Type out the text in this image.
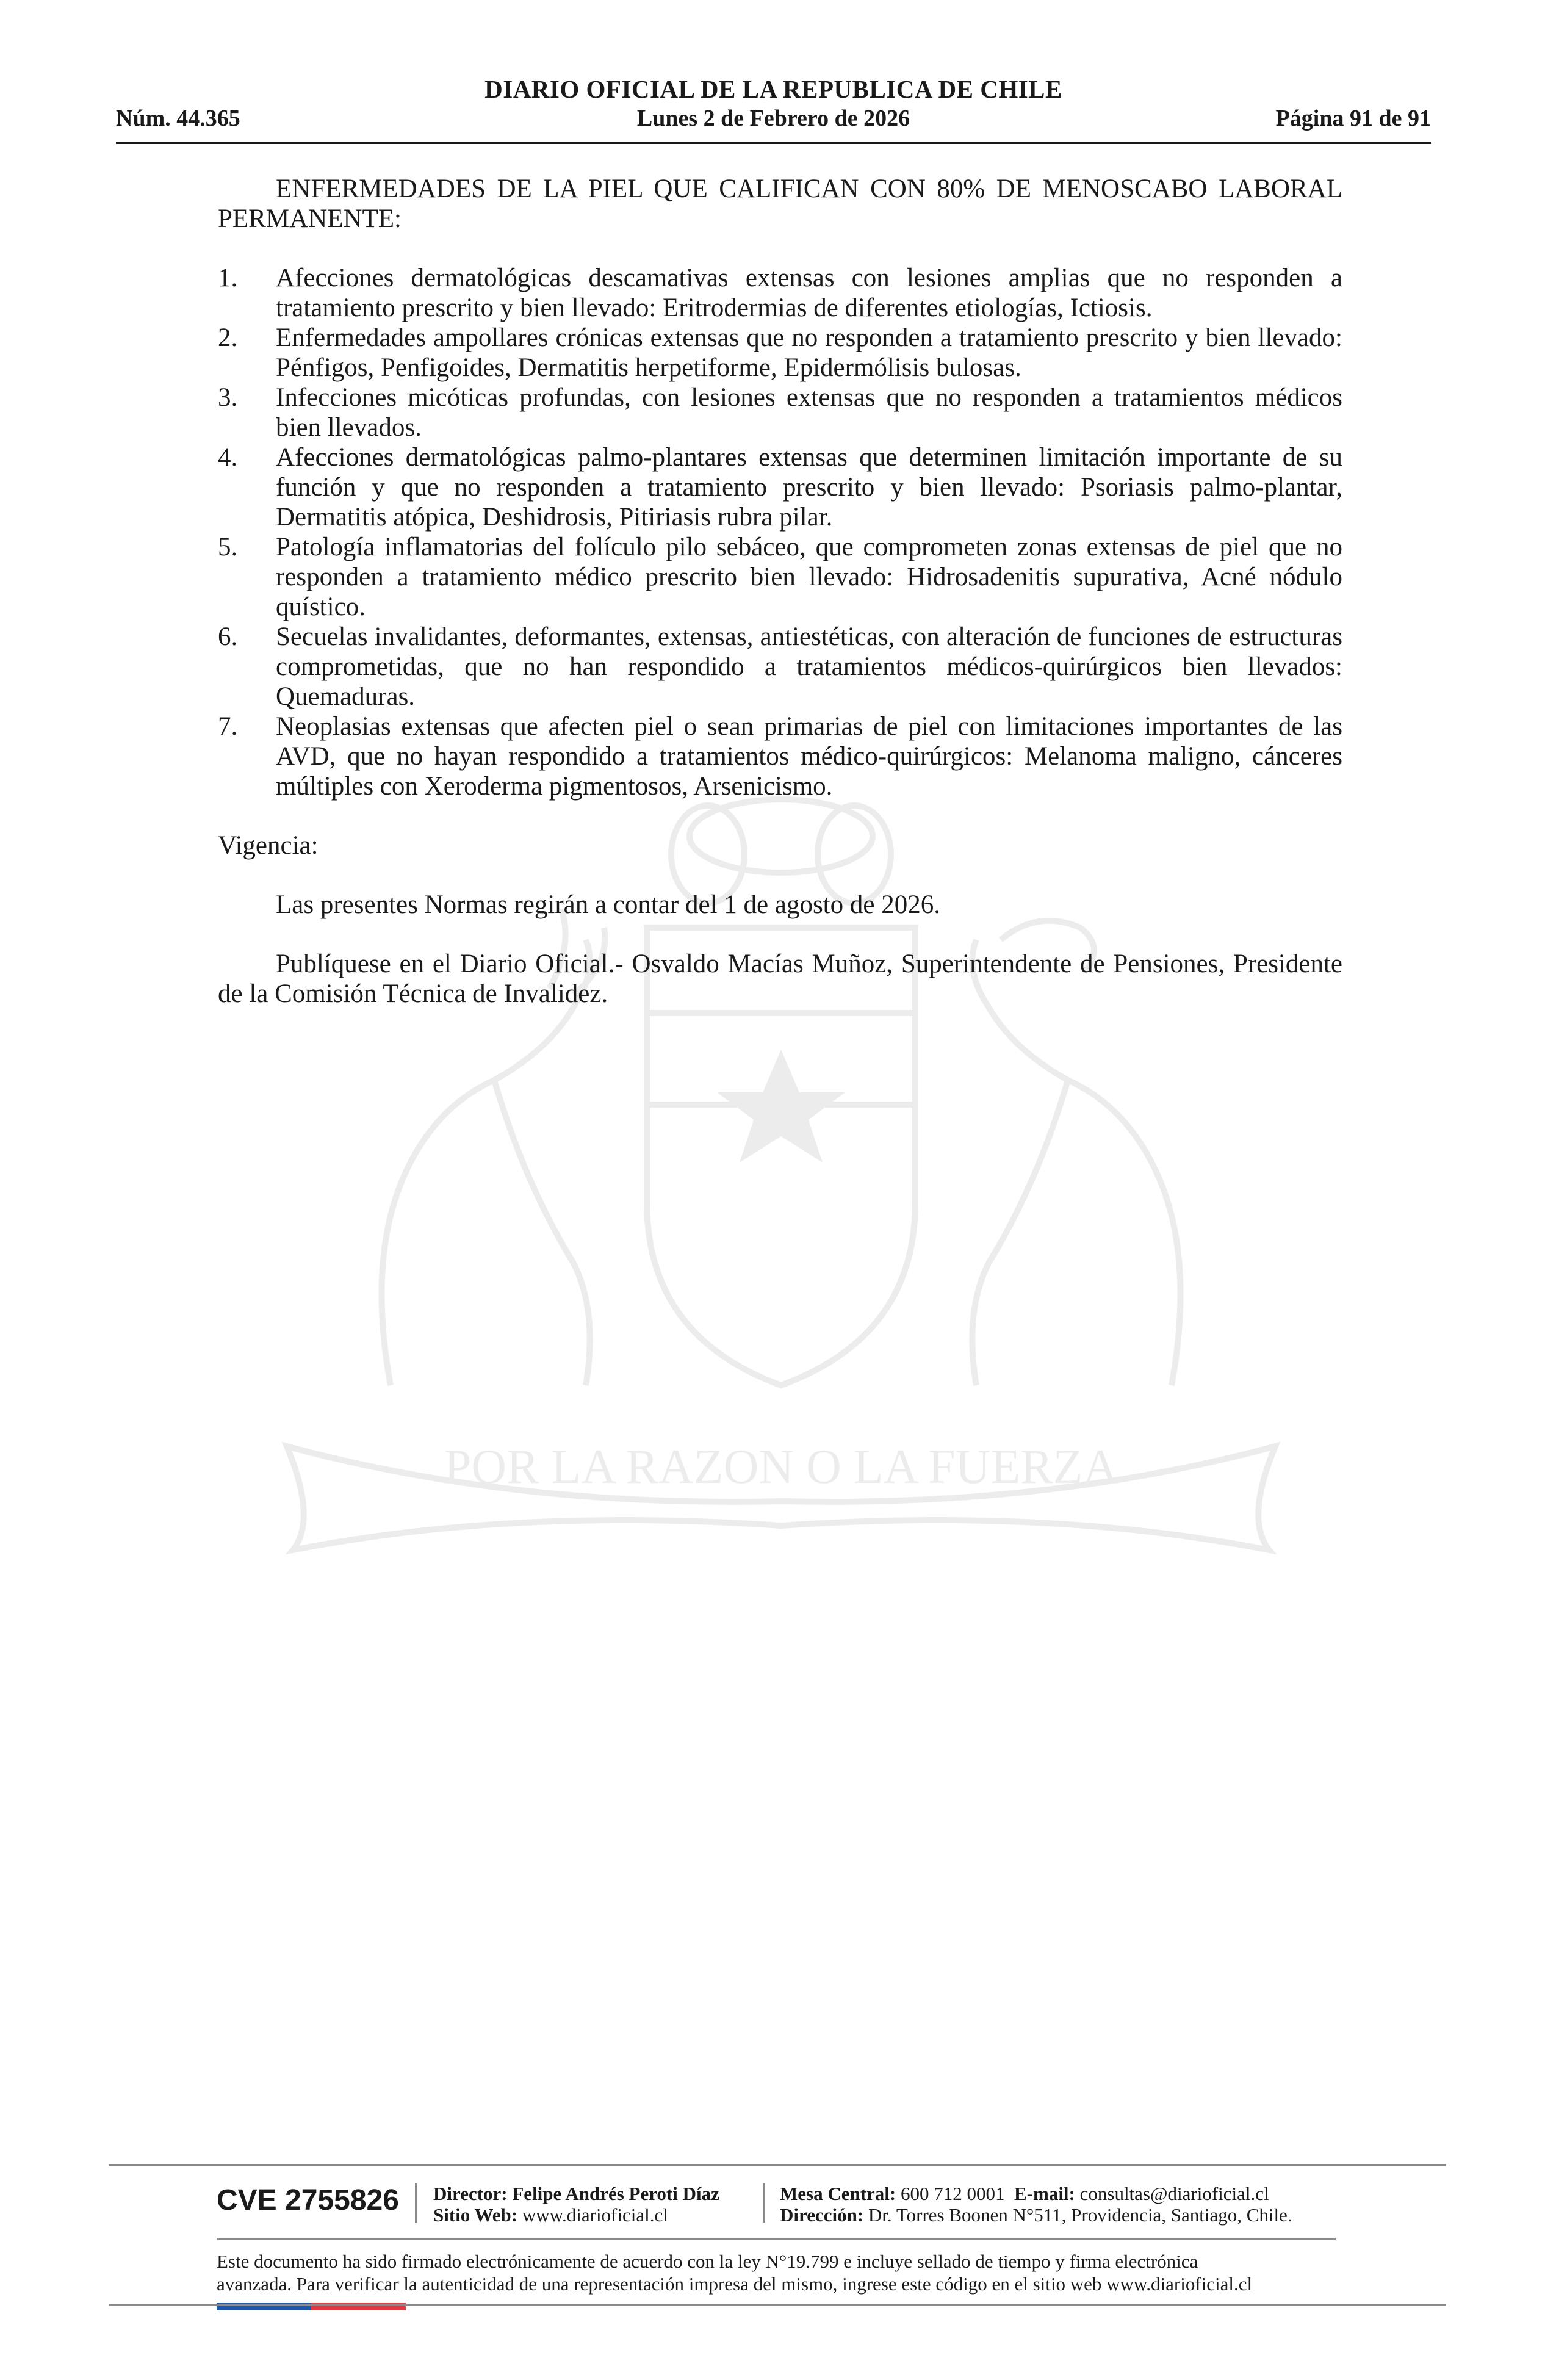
POR LA RAZON O LA FUERZA
DIARIO OFICIAL DE LA REPUBLICA DE CHILE
Núm. 44.365	Lunes 2 de Febrero de 2026	Página 91 de 91

ENFERMEDADES DE LA PIEL QUE CALIFICAN CON 80% DE MENOSCABO LABORAL PERMANENTE:

1.	Afecciones dermatológicas descamativas extensas con lesiones amplias que no responden a tratamiento prescrito y bien llevado: Eritrodermias de diferentes etiologías, Ictiosis.
2.	Enfermedades ampollares crónicas extensas que no responden a tratamiento prescrito y bien llevado: Pénfigos, Penfigoides, Dermatitis herpetiforme, Epidermólisis bulosas.
3.	Infecciones micóticas profundas, con lesiones extensas que no responden a tratamientos médicos bien llevados.
4.	Afecciones dermatológicas palmo-plantares extensas que determinen limitación importante de su función y que no responden a tratamiento prescrito y bien llevado: Psoriasis palmo-plantar, Dermatitis atópica, Deshidrosis, Pitiriasis rubra pilar.
5.	Patología inflamatorias del folículo pilo sebáceo, que comprometen zonas extensas de piel que no responden a tratamiento médico prescrito bien llevado: Hidrosadenitis supurativa, Acné nódulo quístico.
6.	Secuelas invalidantes, deformantes, extensas, antiestéticas, con alteración de funciones de estructuras comprometidas, que no han respondido a tratamientos médicos-quirúrgicos bien llevados: Quemaduras.
7.	Neoplasias extensas que afecten piel o sean primarias de piel con limitaciones importantes de las AVD, que no hayan respondido a tratamientos médico-quirúrgicos: Melanoma maligno, cánceres múltiples con Xeroderma pigmentosos, Arsenicismo.

Vigencia:

Las presentes Normas regirán a contar del 1 de agosto de 2026.

Publíquese en el Diario Oficial.- Osvaldo Macías Muñoz, Superintendente de Pensiones, Presidente de la Comisión Técnica de Invalidez.

CVE 2755826 Director: Felipe Andrés Peroti Díaz
Sitio Web: www.diarioficial.cl
Mesa Central: 600 712 0001 E-mail: consultas@diarioficial.cl
Dirección: Dr. Torres Boonen N°511, Providencia, Santiago, Chile.
Este documento ha sido firmado electrónicamente de acuerdo con la ley N°19.799 e incluye sellado de tiempo y firma electrónica
avanzada. Para verificar la autenticidad de una representación impresa del mismo, ingrese este código en el sitio web www.diarioficial.cl
